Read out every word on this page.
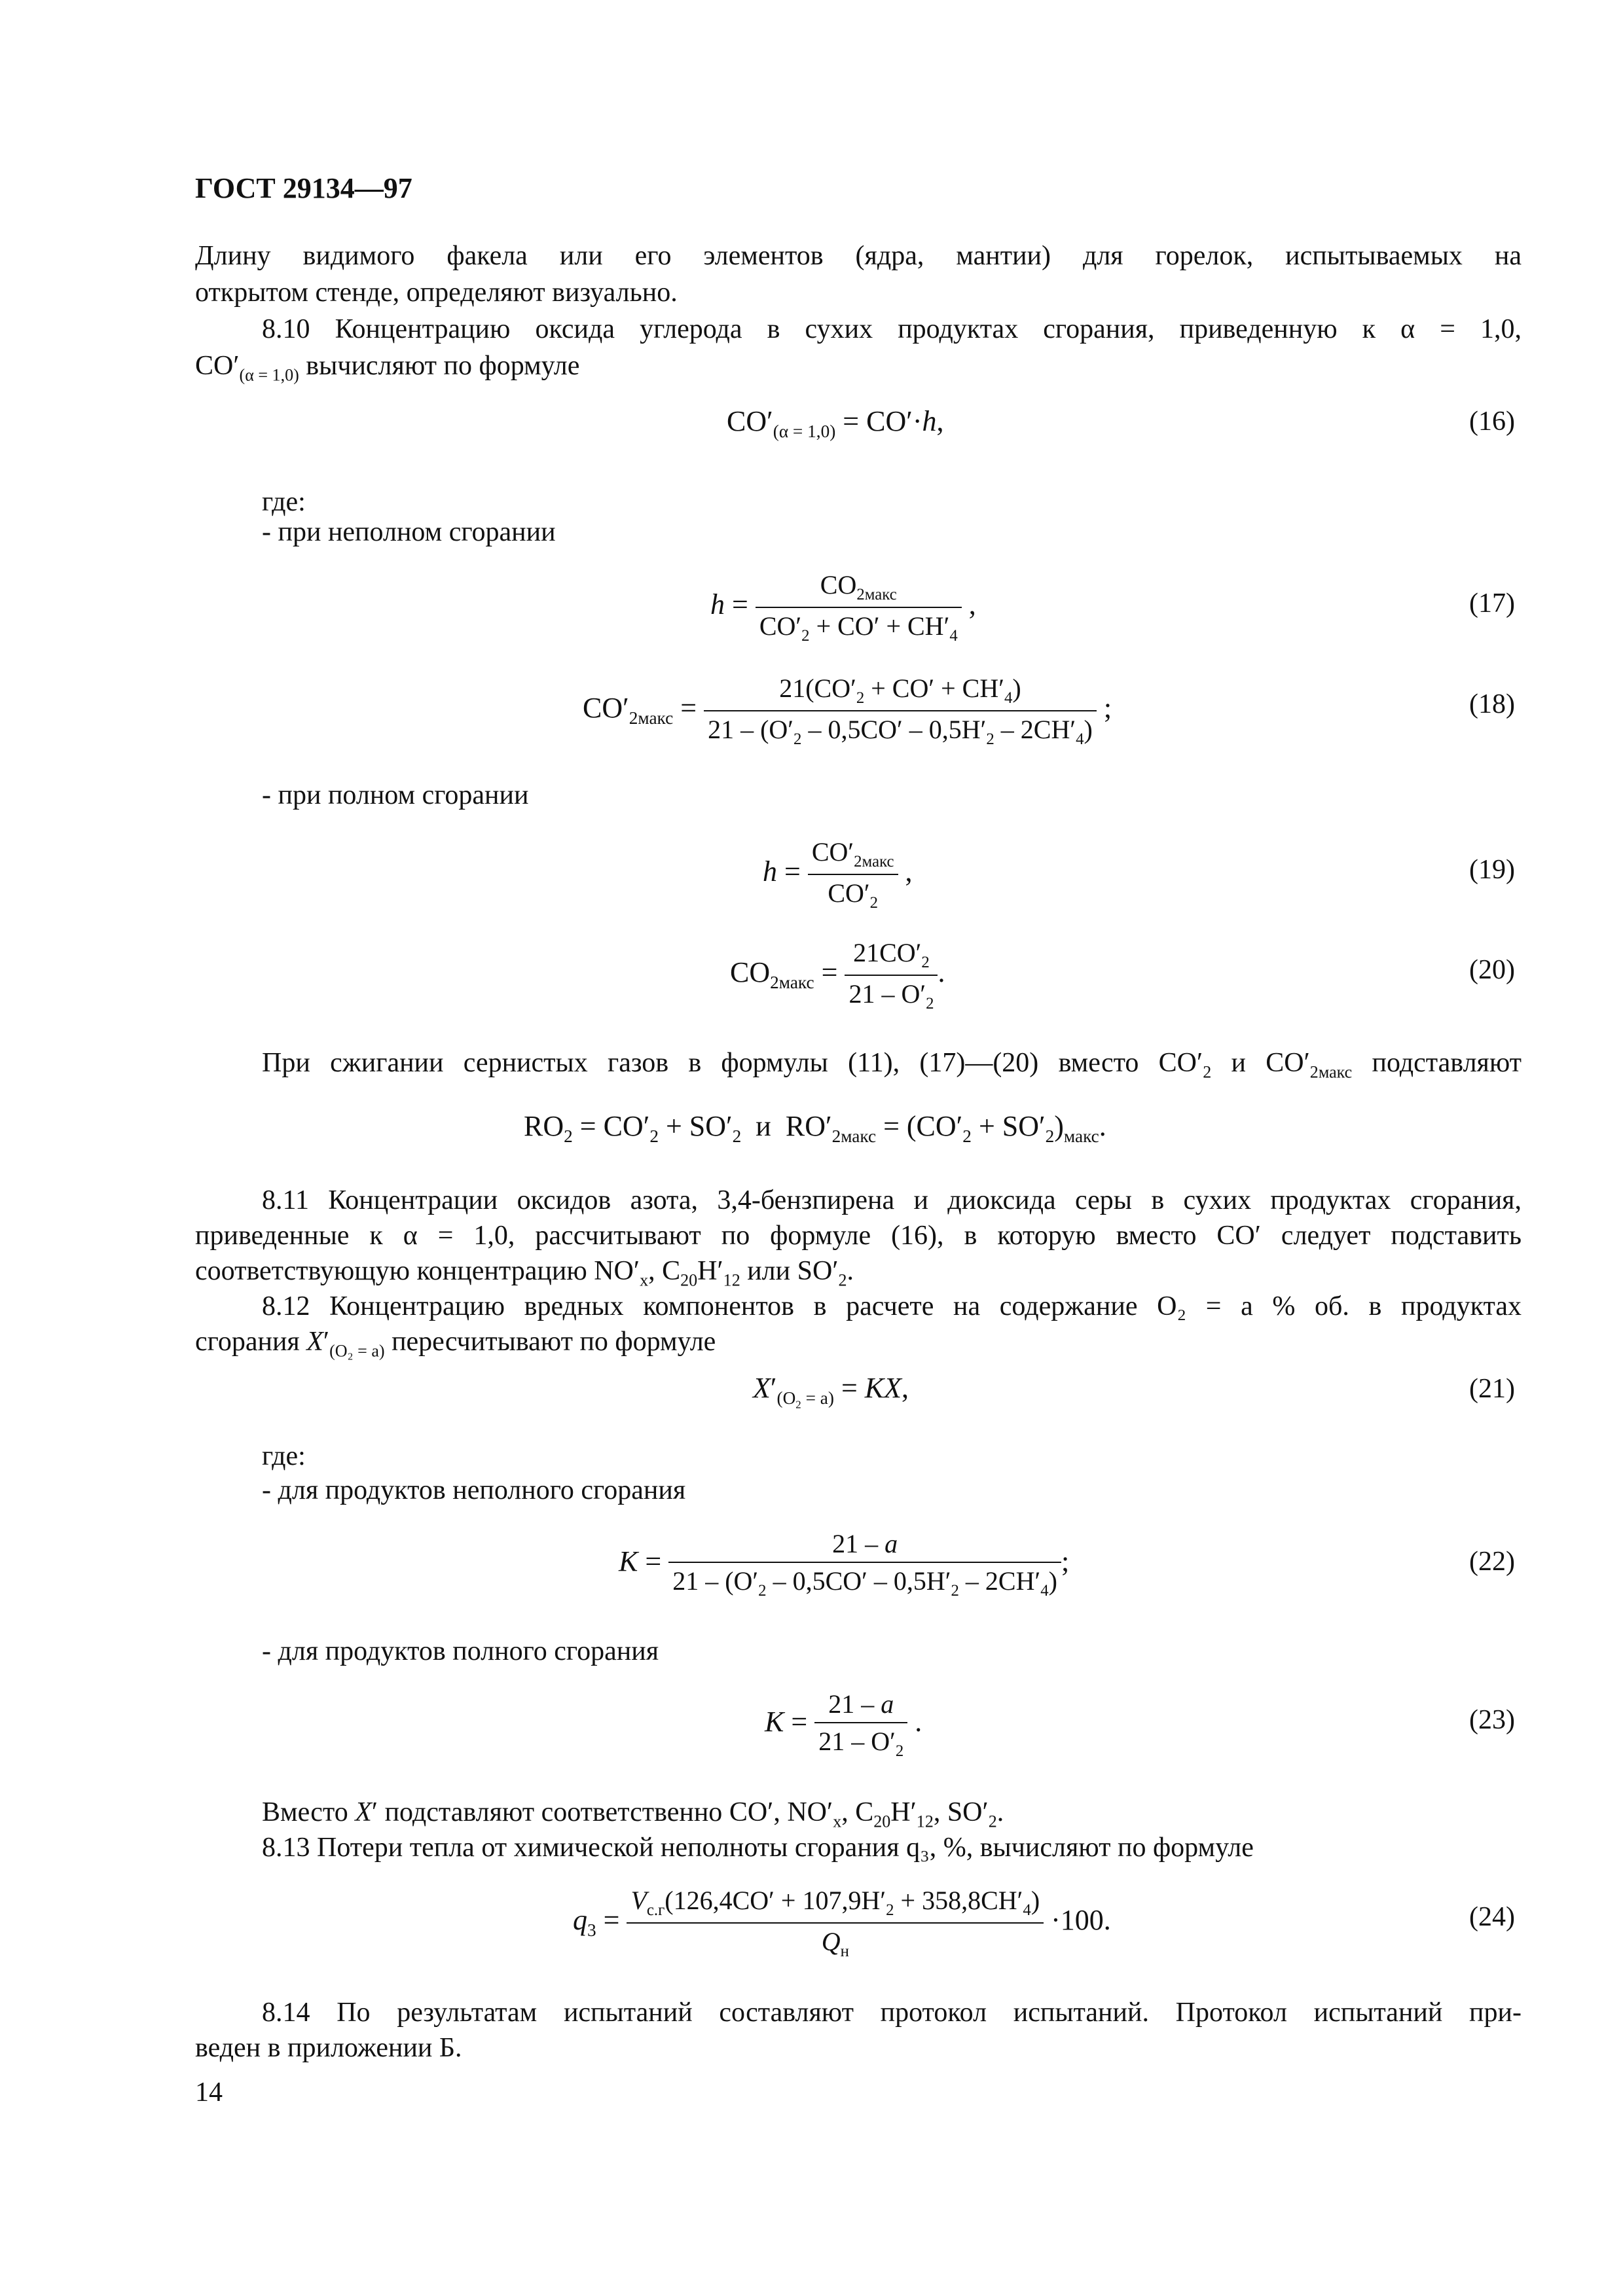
ГОСТ 29134—97
Длину видимого факела или его элементов (ядра, мантии) для горелок, испытываемых на
открытом стенде, определяют визуально.
8.10 Концентрацию оксида углерода в сухих продуктах сгорания, приведенную к α = 1,0,
$CO'_{(\alpha = 1,0)}$ вычисляют по формуле
$CO'_{(\alpha = 1,0)} = CO'\cdot h$,	(16)
где:
- при неполном сгорании
$h = \frac{CO_{2макс}}{CO'_2 + CO' + CH'_4}$ ,	(17)
$CO'_{2макс} = \frac{21(CO'_2 + CO' + CH'_4)}{21 - (O'_2 - 0,5CO' - 0,5H'_2 - 2CH'_4)}$ ;	(18)
- при полном сгорании
$h = \frac{CO'_{2макс}}{CO'_2}$ ,	(19)
$CO_{2макс} = \frac{21CO'_2}{21 - O'_2}$ .	(20)
При сжигании сернистых газов в формулы (11), (17)—(20) вместо $CO'_2$ и $CO'_{2макс}$ подставляют
$RO_2 = CO'_2 + SO'_2$  и  $RO'_{2макс} = (CO'_2 + SO'_2)_{макс}$.
8.11 Концентрации оксидов азота, 3,4-бензпирена и диоксида серы в сухих продуктах сгорания,
приведенные к α = 1,0, рассчитывают по формуле (16), в которую вместо CO′ следует подставить
соответствующую концентрацию $NO'_x$, $C_{20}H'_{12}$ или $SO'_2$.
8.12 Концентрацию вредных компонентов в расчете на содержание O₂ = a % об. в продуктах
сгорания $X'_{(O_2 = a)}$ пересчитывают по формуле
$X'_{(O_2 = a)}$ = KX,	(21)
где:
- для продуктов неполного сгорания
$K = \frac{21 - a}{21 - (O'_2 - 0,5CO' - 0,5H'_2 - 2CH'_4)}$ ;	(22)
- для продуктов полного сгорания
$K = \frac{21 - a}{21 - O'_2}$ .	(23)
Вместо X′ подставляют соответственно CO′, $NO'_x$, $C_{20}H'_{12}$, $SO'_2$.
8.13 Потери тепла от химической неполноты сгорания q₃, %, вычисляют по формуле
$q_3 = \frac{V_{с.г}(126,4CO' + 107,9H'_2 + 358,8CH'_4)}{Q_н} \cdot 100$.	(24)
8.14 По результатам испытаний составляют протокол испытаний. Протокол испытаний при-
веден в приложении Б.
14
